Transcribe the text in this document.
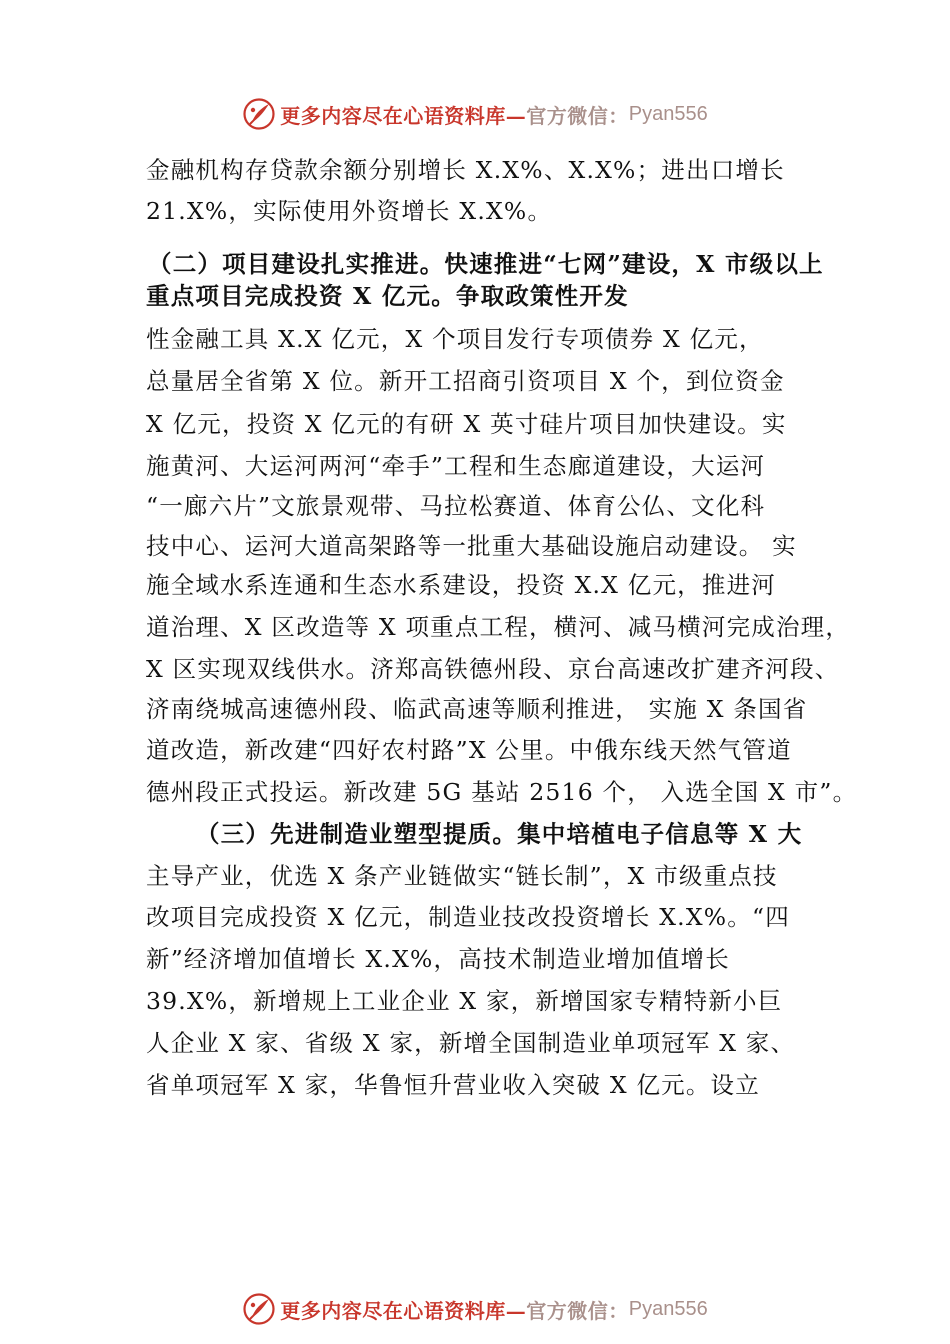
更多内容尽在心语资料库— 官方微信： Pyan556
金融机构存贷款余额分别增长 X.X%、X.X%；进出口增长
21.X%，实际使用外资增长 X.X%。
（二）项目建设扎实推进。快速推进“七网”建设，X 市级以上
重点项目完成投资 X 亿元。争取政策性开发
性金融工具 X.X 亿元，X 个项目发行专项债券 X 亿元，
总量居全省第 X 位。新开工招商引资项目 X 个，到位资金
X 亿元，投资 X 亿元的有研 X 英寸硅片项目加快建设。实
施黄河、大运河两河“牵手”工程和生态廊道建设，大运河
“一廊六片”文旅景观带、马拉松赛道、体育公仏、文化科
技中心、运河大道高架路等一批重大基础设施启动建设。 实
施全域水系连通和生态水系建设，投资 X.X 亿元，推进河
道治理、X 区改造等 X 项重点工程，横河、减马横河完成治理，
X 区实现双线供水。济郑高铁德州段、京台高速改扩建齐河段、
济南绕城高速德州段、临武高速等顺利推进， 实施 X 条国省
道改造，新改建“四好农村路”X 公里。中俄东线天然气管道
德州段正式投运。新改建 5G 基站 2516 个， 入选全国 X 市”。
（三）先进制造业塑型提质。集中培植电子信息等 X 大
主导产业，优选 X 条产业链做实“链长制”，X 市级重点技
改项目完成投资 X 亿元，制造业技改投资增长 X.X%。“四
新”经济增加值增长 X.X%，高技术制造业增加值增长
39.X%，新增规上工业企业 X 家，新增国家专精特新小巨
人企业 X 家、省级 X 家，新增全国制造业单项冠军 X 家、
省单项冠军 X 家，华鲁恒升营业收入突破 X 亿元。设立
更多内容尽在心语资料库— 官方微信： Pyan556
